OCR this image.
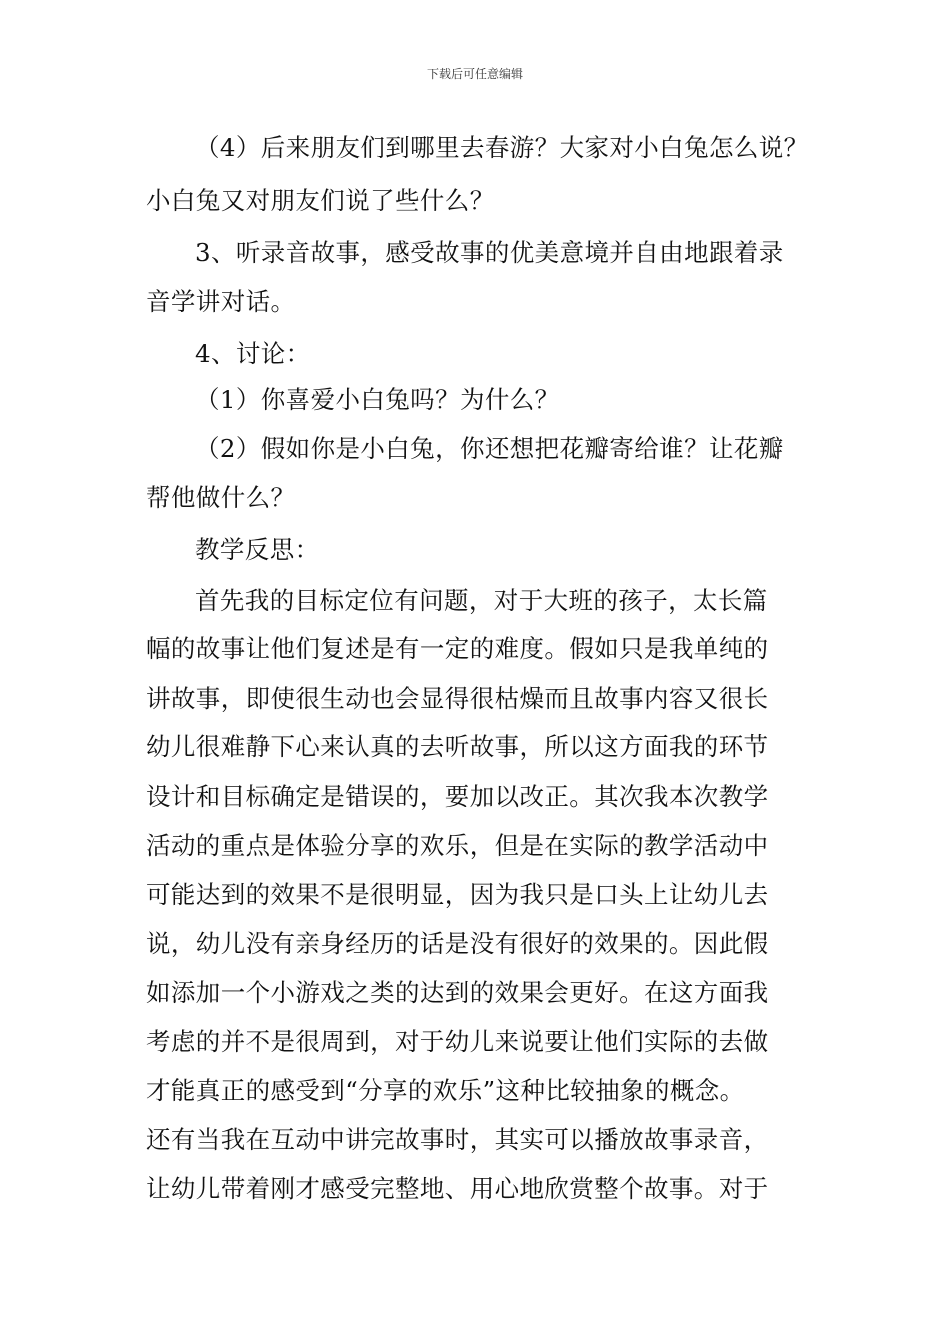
下载后可任意编辑
（4）后来朋友们到哪里去春游？大家对小白兔怎么说？
小白兔又对朋友们说了些什么？
3、听录音故事，感受故事的优美意境并自由地跟着录
音学讲对话。
4、讨论：
（1）你喜爱小白兔吗？为什么？
（2）假如你是小白兔，你还想把花瓣寄给谁？让花瓣
帮他做什么？
教学反思：
首先我的目标定位有问题，对于大班的孩子，太长篇
幅的故事让他们复述是有一定的难度。假如只是我单纯的
讲故事，即使很生动也会显得很枯燥而且故事内容又很长
幼儿很难静下心来认真的去听故事，所以这方面我的环节
设计和目标确定是错误的，要加以改正。其次我本次教学
活动的重点是体验分享的欢乐，但是在实际的教学活动中
可能达到的效果不是很明显，因为我只是口头上让幼儿去
说，幼儿没有亲身经历的话是没有很好的效果的。因此假
如添加一个小游戏之类的达到的效果会更好。在这方面我
考虑的并不是很周到，对于幼儿来说要让他们实际的去做
才能真正的感受到“分享的欢乐”这种比较抽象的概念。
还有当我在互动中讲完故事时，其实可以播放故事录音，
让幼儿带着刚才感受完整地、用心地欣赏整个故事。对于
